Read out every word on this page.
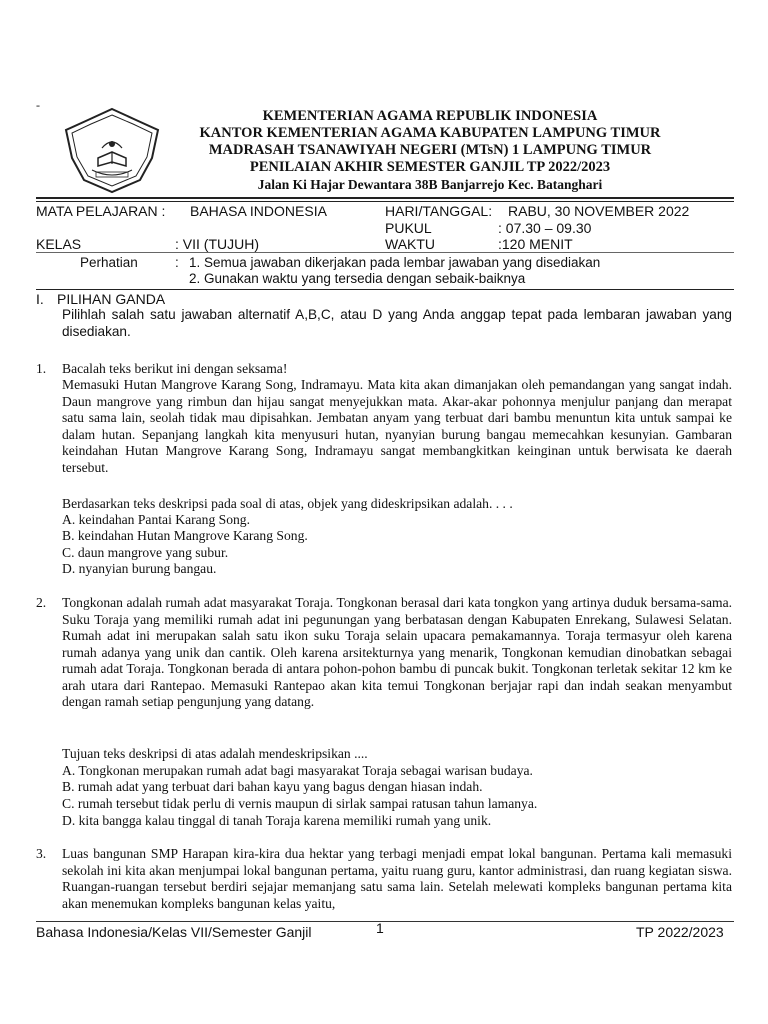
-
KEMENTERIAN AGAMA REPUBLIK INDONESIA
KANTOR KEMENTERIAN AGAMA KABUPATEN LAMPUNG TIMUR
MADRASAH TSANAWIYAH NEGERI (MTsN) 1 LAMPUNG TIMUR
PENILAIAN AKHIR SEMESTER GANJIL TP 2022/2023
Jalan Ki Hajar Dewantara 38B Banjarrejo Kec. Batanghari
MATA PELAJARAN : BAHASA INDONESIA	HARI/TANGGAL: RABU, 30 NOVEMBER 2022
PUKUL	: 07.30 – 09.30
KELAS	: VII (TUJUH)	WAKTU	:120 MENIT
Perhatian	: 1. Semua jawaban dikerjakan pada lembar jawaban yang disediakan
2. Gunakan waktu yang tersedia dengan sebaik-baiknya
I. PILIHAN GANDA
Pilihlah salah satu jawaban alternatif A,B,C, atau D yang Anda anggap tepat pada lembaran jawaban yang disediakan.
1. Bacalah teks berikut ini dengan seksama!
Memasuki Hutan Mangrove Karang Song, Indramayu. Mata kita akan dimanjakan oleh pemandangan yang sangat indah. Daun mangrove yang rimbun dan hijau sangat menyejukkan mata. Akar-akar pohonnya menjulur panjang dan merapat satu sama lain, seolah tidak mau dipisahkan. Jembatan anyam yang terbuat dari bambu menuntun kita untuk sampai ke dalam hutan. Sepanjang langkah kita menyusuri hutan, nyanyian burung bangau memecahkan kesunyian. Gambaran keindahan Hutan Mangrove Karang Song, Indramayu sangat membangkitkan keinginan untuk berwisata ke daerah tersebut.
Berdasarkan teks deskripsi pada soal di atas, objek yang dideskripsikan adalah. . . .
A. keindahan Pantai Karang Song.
B. keindahan Hutan Mangrove Karang Song.
C. daun mangrove yang subur.
D. nyanyian burung bangau.
2. Tongkonan adalah rumah adat masyarakat Toraja. Tongkonan berasal dari kata tongkon yang artinya duduk bersama-sama. Suku Toraja yang memiliki rumah adat ini pegunungan yang berbatasan dengan Kabupaten Enrekang, Sulawesi Selatan. Rumah adat ini merupakan salah satu ikon suku Toraja selain upacara pemakamannya. Toraja termasyur oleh karena rumah adanya yang unik dan cantik. Oleh karena arsitekturnya yang menarik, Tongkonan kemudian dinobatkan sebagai rumah adat Toraja. Tongkonan berada di antara pohon-pohon bambu di puncak bukit. Tongkonan terletak sekitar 12 km ke arah utara dari Rantepao. Memasuki Rantepao akan kita temui Tongkonan berjajar rapi dan indah seakan menyambut dengan ramah setiap pengunjung yang datang.
Tujuan teks deskripsi di atas adalah mendeskripsikan ....
A. Tongkonan merupakan rumah adat bagi masyarakat Toraja sebagai warisan budaya.
B. rumah adat yang terbuat dari bahan kayu yang bagus dengan hiasan indah.
C. rumah tersebut tidak perlu di vernis maupun di sirlak sampai ratusan tahun lamanya.
D. kita bangga kalau tinggal di tanah Toraja karena memiliki rumah yang unik.
3. Luas bangunan SMP Harapan kira-kira dua hektar yang terbagi menjadi empat lokal bangunan. Pertama kali memasuki sekolah ini kita akan menjumpai lokal bangunan pertama, yaitu ruang guru, kantor administrasi, dan ruang kegiatan siswa. Ruangan-ruangan tersebut berdiri sejajar memanjang satu sama lain. Setelah melewati kompleks bangunan pertama kita akan menemukan kompleks bangunan kelas yaitu,
Bahasa Indonesia/Kelas VII/Semester Ganjil	1	TP 2022/2023
